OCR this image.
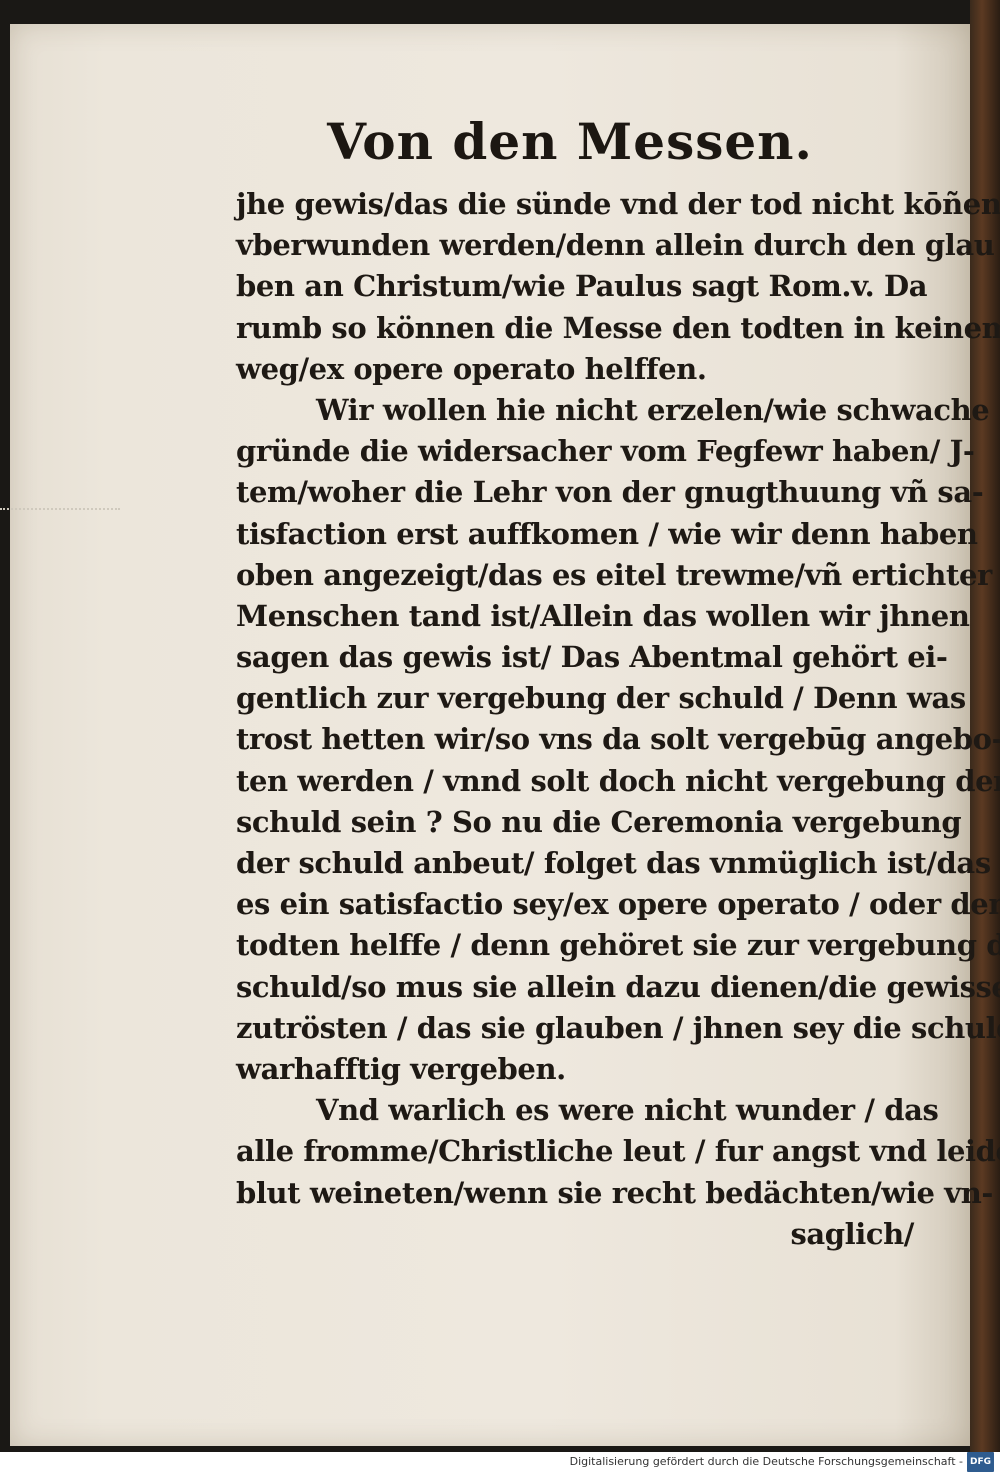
Von den Messen.
jhe gewis/das die sünde vnd der tod nicht kōñen
vberwunden werden/denn allein durch den glau
ben an Christum/wie Paulus sagt Rom.v. Da
rumb so können die Messe den todten in keinem
weg/ex opere operato helffen.
Wir wollen hie nicht erzelen/wie schwache
gründe die widersacher vom Fegfewr haben/ J-
tem/woher die Lehr von der gnugthuung vñ sa-
tisfaction erst auffkomen / wie wir denn haben
oben angezeigt/das es eitel trewme/vñ ertichter
Menschen tand ist/Allein das wollen wir jhnen
sagen das gewis ist/ Das Abentmal gehört ei-
gentlich zur vergebung der schuld / Denn was
trost hetten wir/so vns da solt vergebūg angebo-
ten werden / vnnd solt doch nicht vergebung der
schuld sein ? So nu die Ceremonia vergebung
der schuld anbeut/ folget das vnmüglich ist/das
es ein satisfactio sey/ex opere operato / oder den
todten helffe / denn gehöret sie zur vergebung der
schuld/so mus sie allein dazu dienen/die gewissen
zutrösten / das sie glauben / jhnen sey die schuld
warhafftig vergeben.
Vnd warlich es were nicht wunder / das
alle fromme/Christliche leut / fur angst vnd leide
blut weineten/wenn sie recht bedächten/wie vn-
saglich/
Digitalisierung gefördert durch die Deutsche Forschungsgemeinschaft - DFG
